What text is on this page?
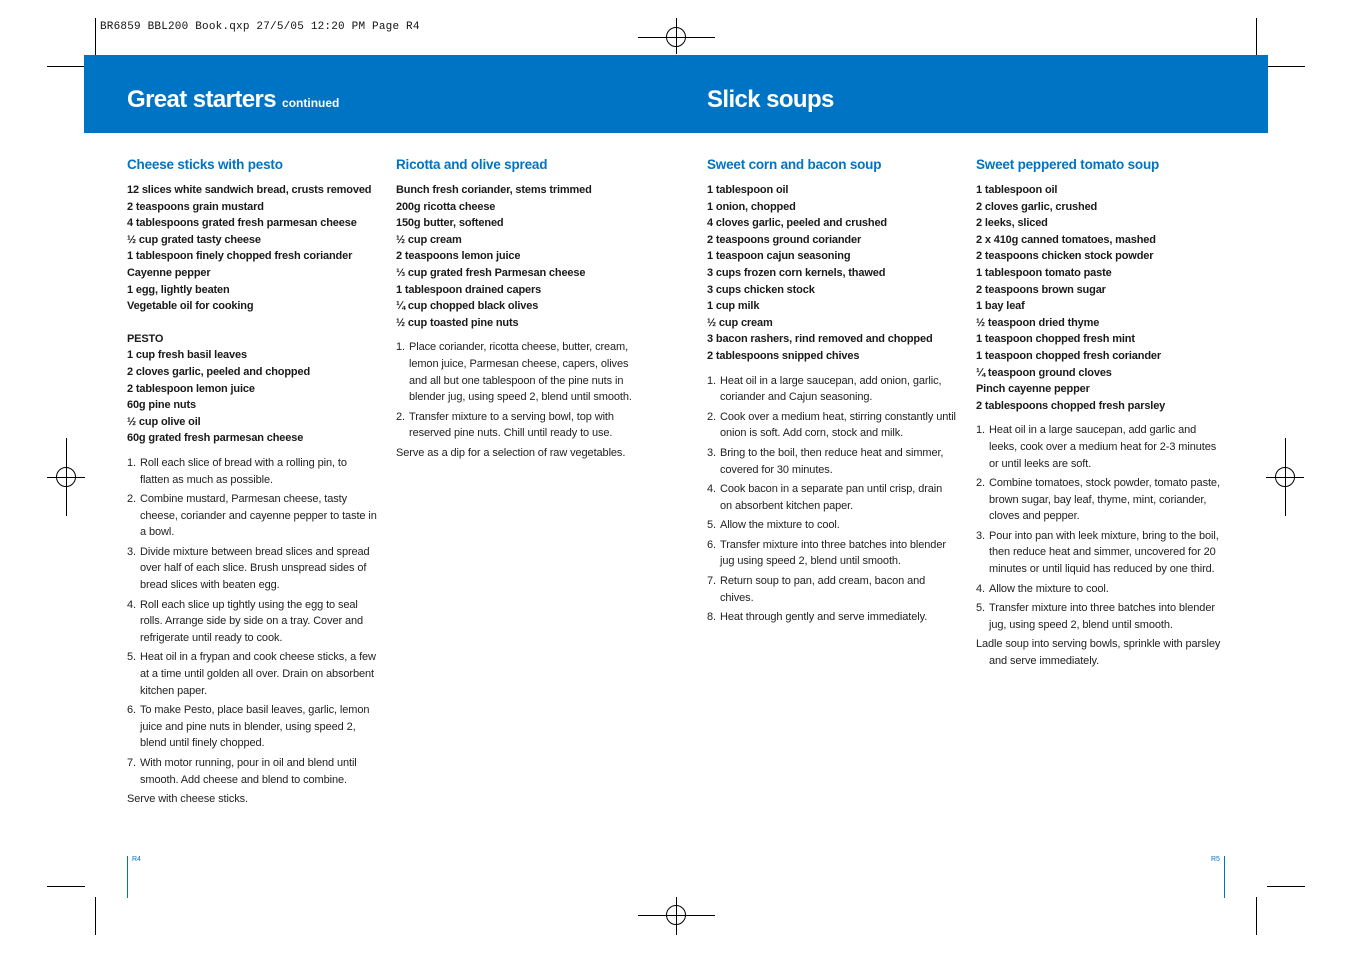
BR6859 BBL200 Book.qxp 27/5/05 12:20 PM Page R4
Great starters continued	Slick soups
Cheese sticks with pesto
12 slices white sandwich bread, crusts removed
2 teaspoons grain mustard
4 tablespoons grated fresh parmesan cheese
½ cup grated tasty cheese
1 tablespoon finely chopped fresh coriander
Cayenne pepper
1 egg, lightly beaten
Vegetable oil for cooking
PESTO
1 cup fresh basil leaves
2 cloves garlic, peeled and chopped
2 tablespoon lemon juice
60g pine nuts
½ cup olive oil
60g grated fresh parmesan cheese
1. Roll each slice of bread with a rolling pin, to flatten as much as possible.
2. Combine mustard, Parmesan cheese, tasty cheese, coriander and cayenne pepper to taste in a bowl.
3. Divide mixture between bread slices and spread over half of each slice. Brush unspread sides of bread slices with beaten egg.
4. Roll each slice up tightly using the egg to seal rolls. Arrange side by side on a tray. Cover and refrigerate until ready to cook.
5. Heat oil in a frypan and cook cheese sticks, a few at a time until golden all over. Drain on absorbent kitchen paper.
6. To make Pesto, place basil leaves, garlic, lemon juice and pine nuts in blender, using speed 2, blend until finely chopped.
7. With motor running, pour in oil and blend until smooth. Add cheese and blend to combine.
Serve with cheese sticks.
Ricotta and olive spread
Bunch fresh coriander, stems trimmed
200g ricotta cheese
150g butter, softened
½ cup cream
2 teaspoons lemon juice
⅓ cup grated fresh Parmesan cheese
1 tablespoon drained capers
¼ cup chopped black olives
½ cup toasted pine nuts
1. Place coriander, ricotta cheese, butter, cream, lemon juice, Parmesan cheese, capers, olives and all but one tablespoon of the pine nuts in blender jug, using speed 2, blend until smooth.
2. Transfer mixture to a serving bowl, top with reserved pine nuts. Chill until ready to use.
Serve as a dip for a selection of raw vegetables.
Sweet corn and bacon soup
1 tablespoon oil
1 onion, chopped
4 cloves garlic, peeled and crushed
2 teaspoons ground coriander
1 teaspoon cajun seasoning
3 cups frozen corn kernels, thawed
3 cups chicken stock
1 cup milk
½ cup cream
3 bacon rashers, rind removed and chopped
2 tablespoons snipped chives
1. Heat oil in a large saucepan, add onion, garlic, coriander and Cajun seasoning.
2. Cook over a medium heat, stirring constantly until onion is soft. Add corn, stock and milk.
3. Bring to the boil, then reduce heat and simmer, covered for 30 minutes.
4. Cook bacon in a separate pan until crisp, drain on absorbent kitchen paper.
5. Allow the mixture to cool.
6. Transfer mixture into three batches into blender jug using speed 2, blend until smooth.
7. Return soup to pan, add cream, bacon and chives.
8. Heat through gently and serve immediately.
Sweet peppered tomato soup
1 tablespoon oil
2 cloves garlic, crushed
2 leeks, sliced
2 x 410g canned tomatoes, mashed
2 teaspoons chicken stock powder
1 tablespoon tomato paste
2 teaspoons brown sugar
1 bay leaf
½ teaspoon dried thyme
1 teaspoon chopped fresh mint
1 teaspoon chopped fresh coriander
¼ teaspoon ground cloves
Pinch cayenne pepper
2 tablespoons chopped fresh parsley
1. Heat oil in a large saucepan, add garlic and leeks, cook over a medium heat for 2-3 minutes or until leeks are soft.
2. Combine tomatoes, stock powder, tomato paste, brown sugar, bay leaf, thyme, mint, coriander, cloves and pepper.
3. Pour into pan with leek mixture, bring to the boil, then reduce heat and simmer, uncovered for 20 minutes or until liquid has reduced by one third.
4. Allow the mixture to cool.
5. Transfer mixture into three batches into blender jug, using speed 2, blend until smooth.
Ladle soup into serving bowls, sprinkle with parsley and serve immediately.
R4	R5
